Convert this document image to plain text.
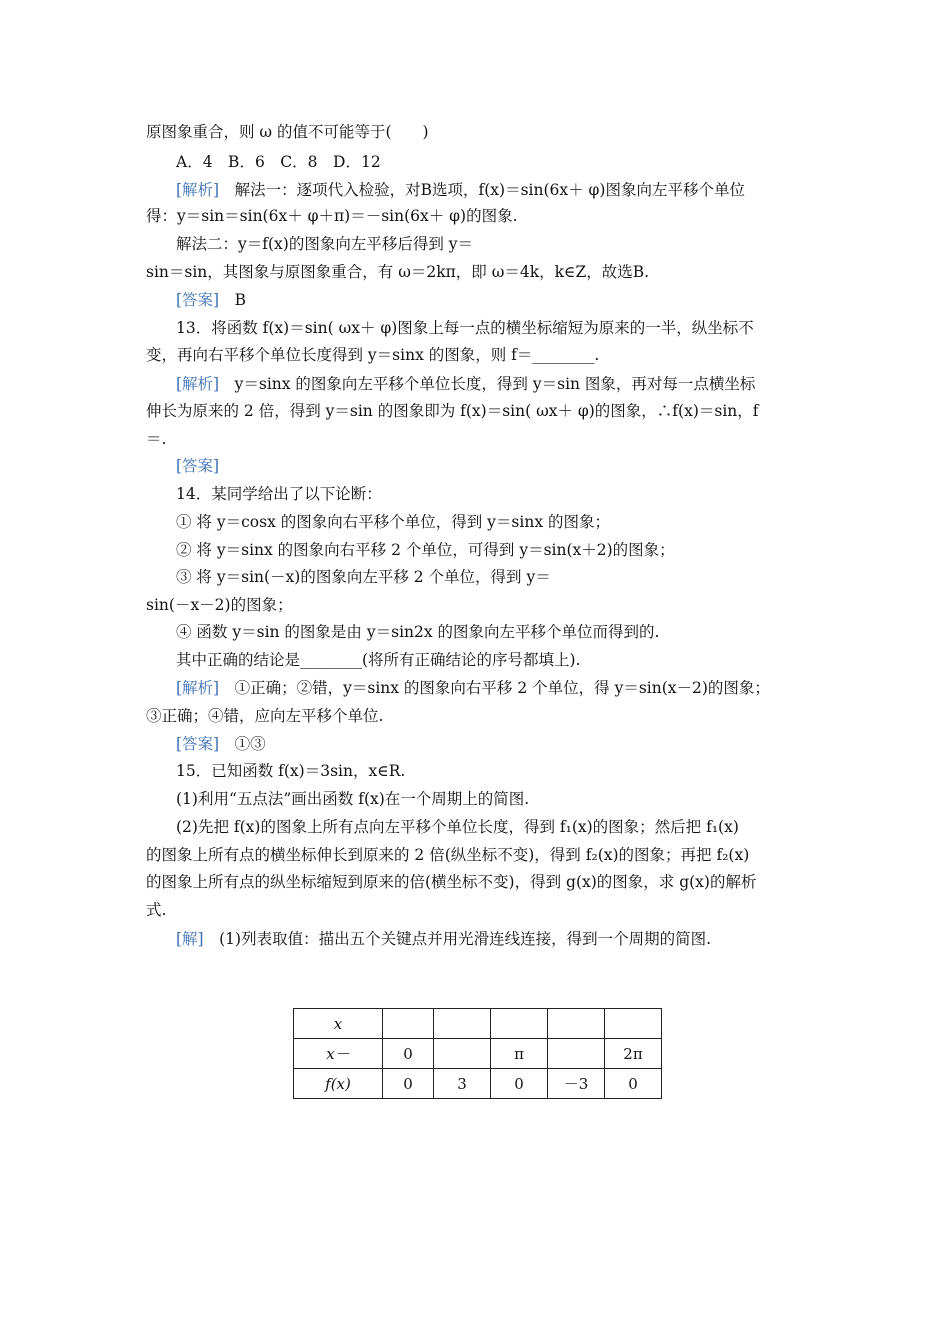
原图象重合，则 ω 的值不可能等于(　　)
A．4　B．6　C．8　D．12
[解析]　解法一：逐项代入检验，对B选项，f(x)＝sin(6x＋ φ)图象向左平移个单位
得：y＝sin＝sin(6x＋ φ＋π)＝－sin(6x＋ φ)的图象.
解法二：y＝f(x)的图象向左平移后得到 y＝
sin＝sin，其图象与原图象重合，有 ω＝2kπ，即 ω＝4k，k∈Z，故选B.
[答案]　B
13．将函数 f(x)＝sin( ωx＋ φ)图象上每一点的横坐标缩短为原来的一半，纵坐标不
变，再向右平移个单位长度得到 y＝sinx 的图象，则 f＝________.
[解析]　y＝sinx 的图象向左平移个单位长度，得到 y＝sin 图象，再对每一点横坐标
伸长为原来的 2 倍，得到 y＝sin 的图象即为 f(x)＝sin( ωx＋ φ)的图象，∴f(x)＝sin，f
＝.
[答案]
14．某同学给出了以下论断：
① 将 y＝cosx 的图象向右平移个单位，得到 y＝sinx 的图象；
② 将 y＝sinx 的图象向右平移 2 个单位，可得到 y＝sin(x＋2)的图象；
③ 将 y＝sin(－x)的图象向左平移 2 个单位，得到 y＝
sin(－x－2)的图象；
④ 函数 y＝sin 的图象是由 y＝sin2x 的图象向左平移个单位而得到的.
其中正确的结论是________(将所有正确结论的序号都填上).
[解析]　①正确；②错，y＝sinx 的图象向右平移 2 个单位，得 y＝sin(x－2)的图象；
③正确；④错，应向左平移个单位.
[答案]　①③
15．已知函数 f(x)＝3sin，x∈R.
(1)利用“五点法”画出函数 f(x)在一个周期上的简图.
(2)先把 f(x)的图象上所有点向左平移个单位长度，得到 f₁(x)的图象；然后把 f₁(x)
的图象上所有点的横坐标伸长到原来的 2 倍(纵坐标不变)，得到 f₂(x)的图象；再把 f₂(x)
的图象上所有点的纵坐标缩短到原来的倍(横坐标不变)，得到 g(x)的图象，求 g(x)的解析
式.
[解]　(1)列表取值：描出五个关键点并用光滑连线连接，得到一个周期的简图.
x					
x－	0		π		2π
f(x)	0	3	0	－3	0
